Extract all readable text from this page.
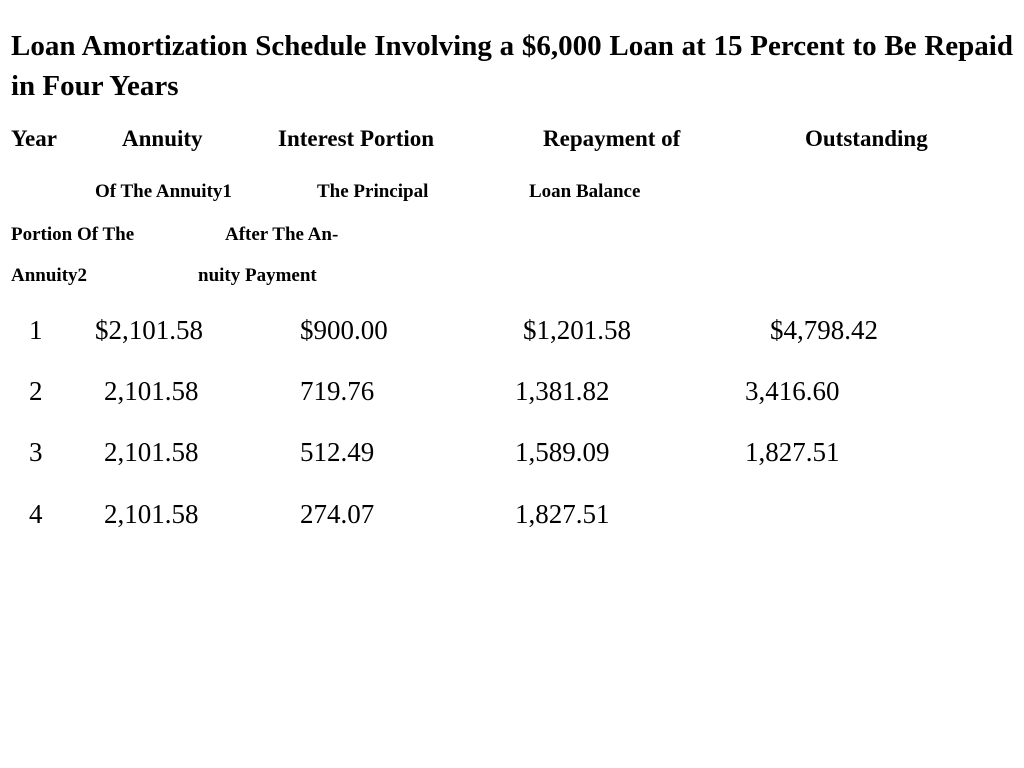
Loan Amortization Schedule Involving a $6,000 Loan at 15 Percent to Be Repaid in Four Years
Year	Annuity	Interest Portion	Repayment of	Outstanding
Of The Annuity1	The Principal	Loan Balance
Portion Of The	After The An-
Annuity2	nuity Payment
1 $2,101.58	$900.00	$1,201.58	$4,798.42
2 2,101.58	719.76	1,381.82	3,416.60
3 2,101.58	512.49	1,589.09	1,827.51
4 2,101.58	274.07	1,827.51
